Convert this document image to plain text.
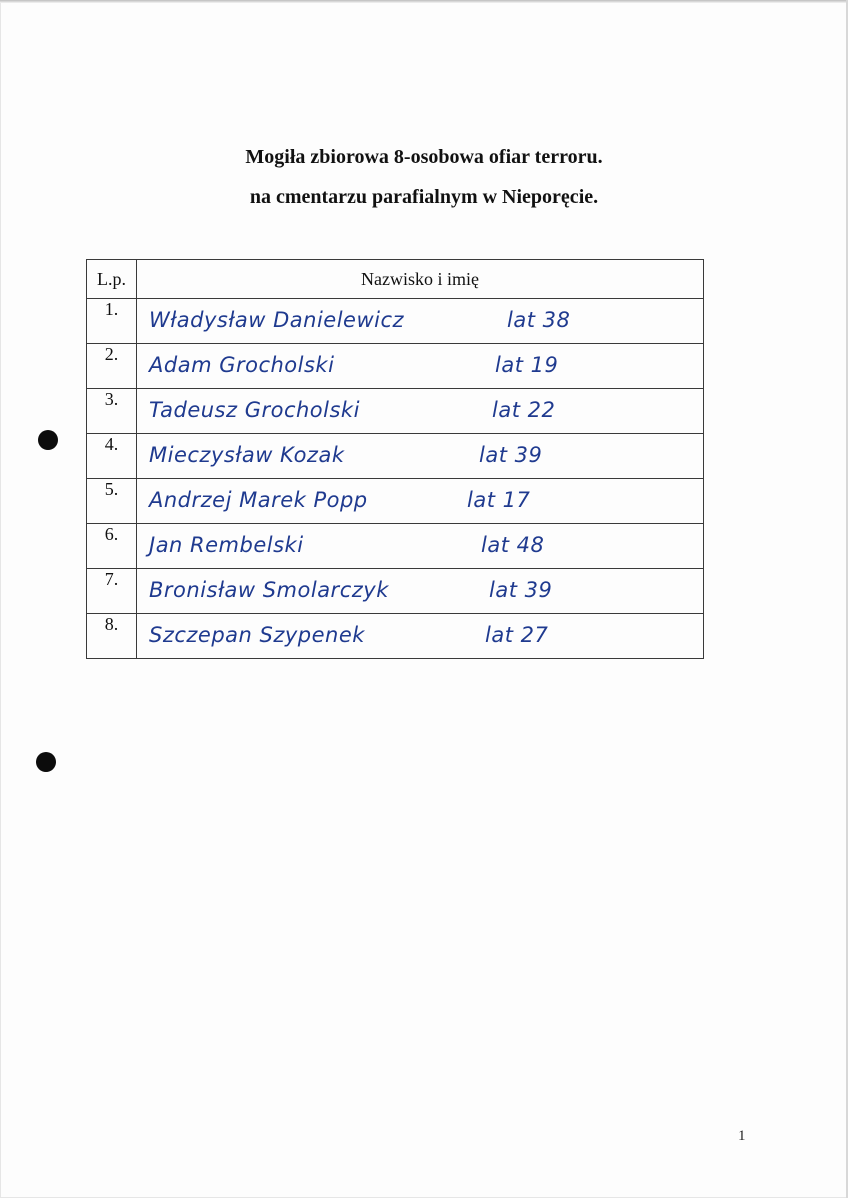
Mogiła zbiorowa 8-osobowa ofiar terroru.
na cmentarzu parafialnym w Nieporęcie.
L.p.	Nazwisko i imię
1.	Władysław Danielewicz lat 38

2.	Adam Grocholski lat 19

3.	Tadeusz Grocholski lat 22

4.	Mieczysław Kozak lat 39

5.	Andrzej Marek Popp lat 17

6.	Jan Rembelski lat 48

7.	Bronisław Smolarczyk lat 39

8.	Szczepan Szypenek lat 27
1
